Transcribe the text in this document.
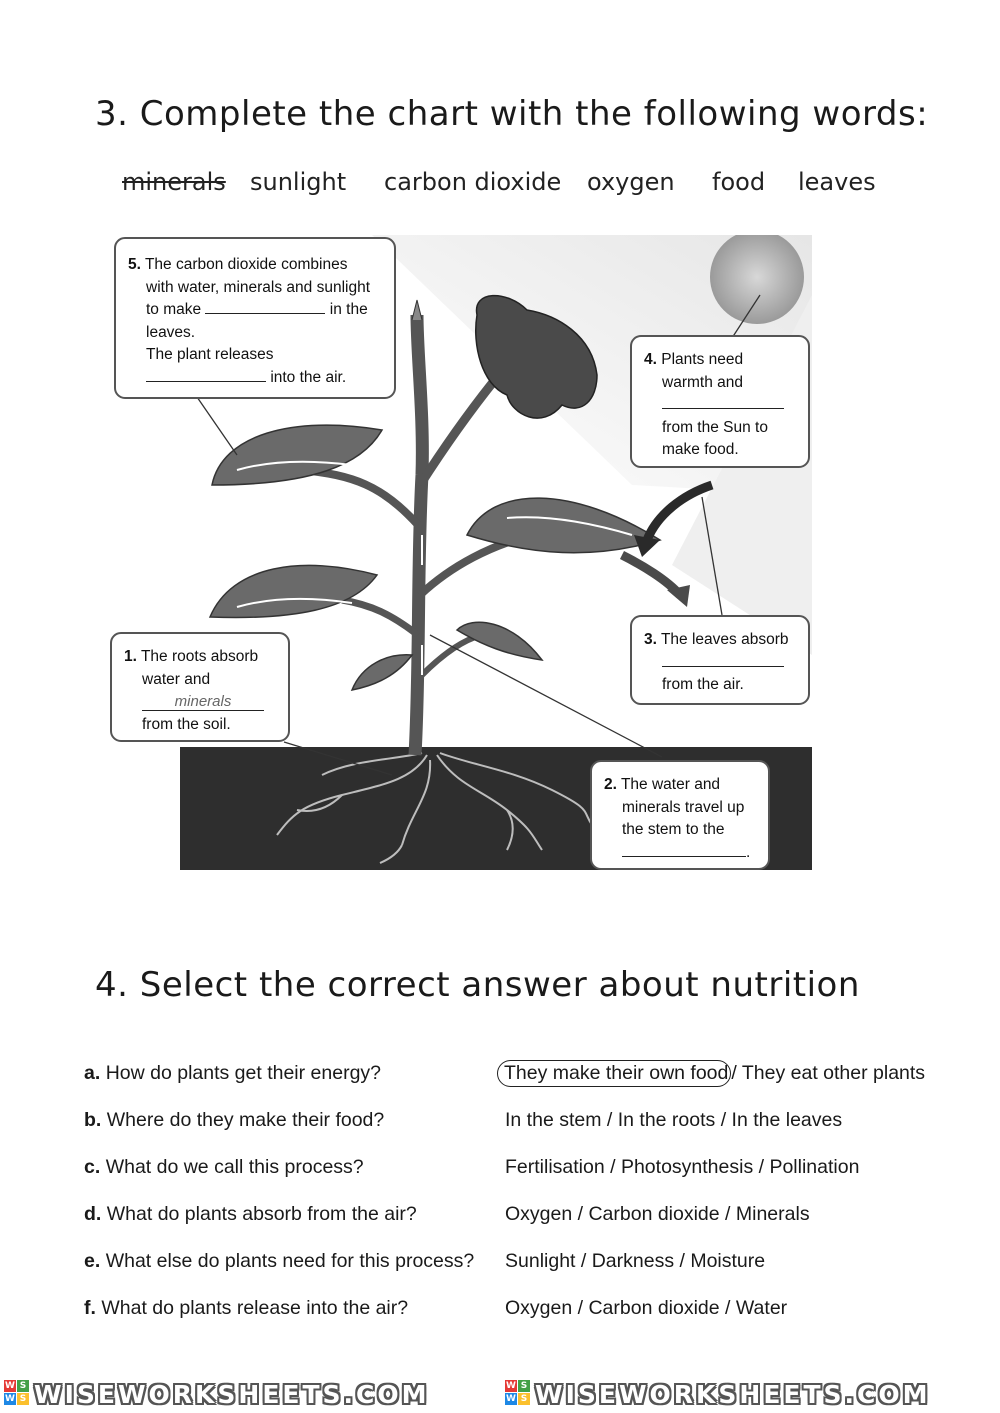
3. Complete the chart with the following words:
minerals sunlight carbon dioxide oxygen food leaves
5. The carbon dioxide combines
with water, minerals and sunlight
to make	in the
leaves.
The plant releases
into the air.
4. Plants need
warmth and
from the Sun to
make food.
3. The leaves absorb
from the air.
1. The roots absorb
water and
minerals
from the soil.
2. The water and
minerals travel up
the stem to the
.
4. Select the correct answer about nutrition
a. How do plants get their energy?	They make their own food / They eat other plants
b. Where do they make their food?	In the stem / In the roots / In the leaves
c. What do we call this process?	Fertilisation / Photosynthesis / Pollination
d. What do plants absorb from the air?	Oxygen / Carbon dioxide / Minerals
e. What else do plants need for this process? Sunlight / Darkness / Moisture
f. What do plants release into the air?	Oxygen / Carbon dioxide / Water
W S
W S WISEWORKSHEETS.COM	W S
W S WISEWORKSHEETS.COM
